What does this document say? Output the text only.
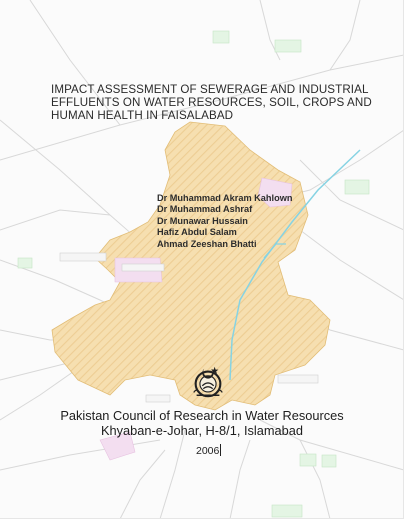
IMPACT ASSESSMENT OF SEWERAGE AND INDUSTRIAL
EFFLUENTS ON WATER RESOURCES, SOIL, CROPS AND
HUMAN HEALTH IN FAISALABAD
Dr Muhammad Akram Kahlown
Dr Muhammad Ashraf
Dr Munawar Hussain
Hafiz Abdul Salam
Ahmad Zeeshan Bhatti
Pakistan Council of Research in Water Resources
Khyaban-e-Johar, H-8/1, Islamabad
2006
